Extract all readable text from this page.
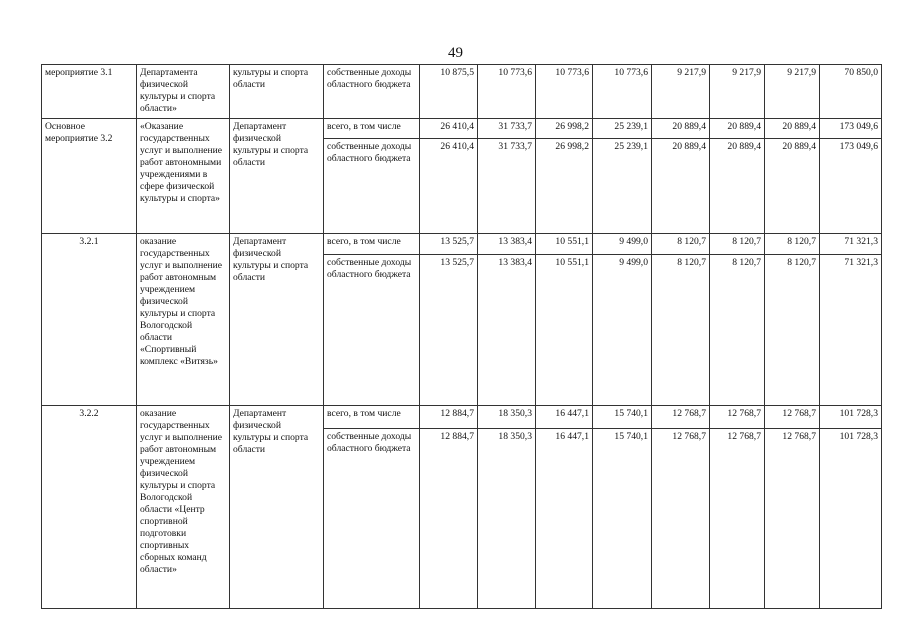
49
мероприятие 3.1	Департамента физической культуры и спорта области»	культуры и спорта области	собственные доходы областного бюджета	10 875,5	10 773,6	10 773,6	10 773,6	9 217,9	9 217,9	9 217,9	70 850,0
Основное мероприятие 3.2	«Оказание государственных услуг и выполнение работ автономными учреждениями в сфере физической культуры и спорта»	Департамент физической культуры и спорта области	всего, в том числе	26 410,4	31 733,7	26 998,2	25 239,1	20 889,4	20 889,4	20 889,4	173 049,6
			собственные доходы областного бюджета	26 410,4	31 733,7	26 998,2	25 239,1	20 889,4	20 889,4	20 889,4	173 049,6
3.2.1	оказание государственных услуг и выполнение работ автономным учреждением физической культуры и спорта Вологодской области «Спортивный комплекс «Витязь»	Департамент физической культуры и спорта области	всего, в том числе	13 525,7	13 383,4	10 551,1	9 499,0	8 120,7	8 120,7	8 120,7	71 321,3
			собственные доходы областного бюджета	13 525,7	13 383,4	10 551,1	9 499,0	8 120,7	8 120,7	8 120,7	71 321,3
3.2.2	оказание государственных услуг и выполнение работ автономным учреждением физической культуры и спорта Вологодской области «Центр спортивной подготовки спортивных сборных команд области»	Департамент физической культуры и спорта области	всего, в том числе	12 884,7	18 350,3	16 447,1	15 740,1	12 768,7	12 768,7	12 768,7	101 728,3
			собственные доходы областного бюджета	12 884,7	18 350,3	16 447,1	15 740,1	12 768,7	12 768,7	12 768,7	101 728,3
